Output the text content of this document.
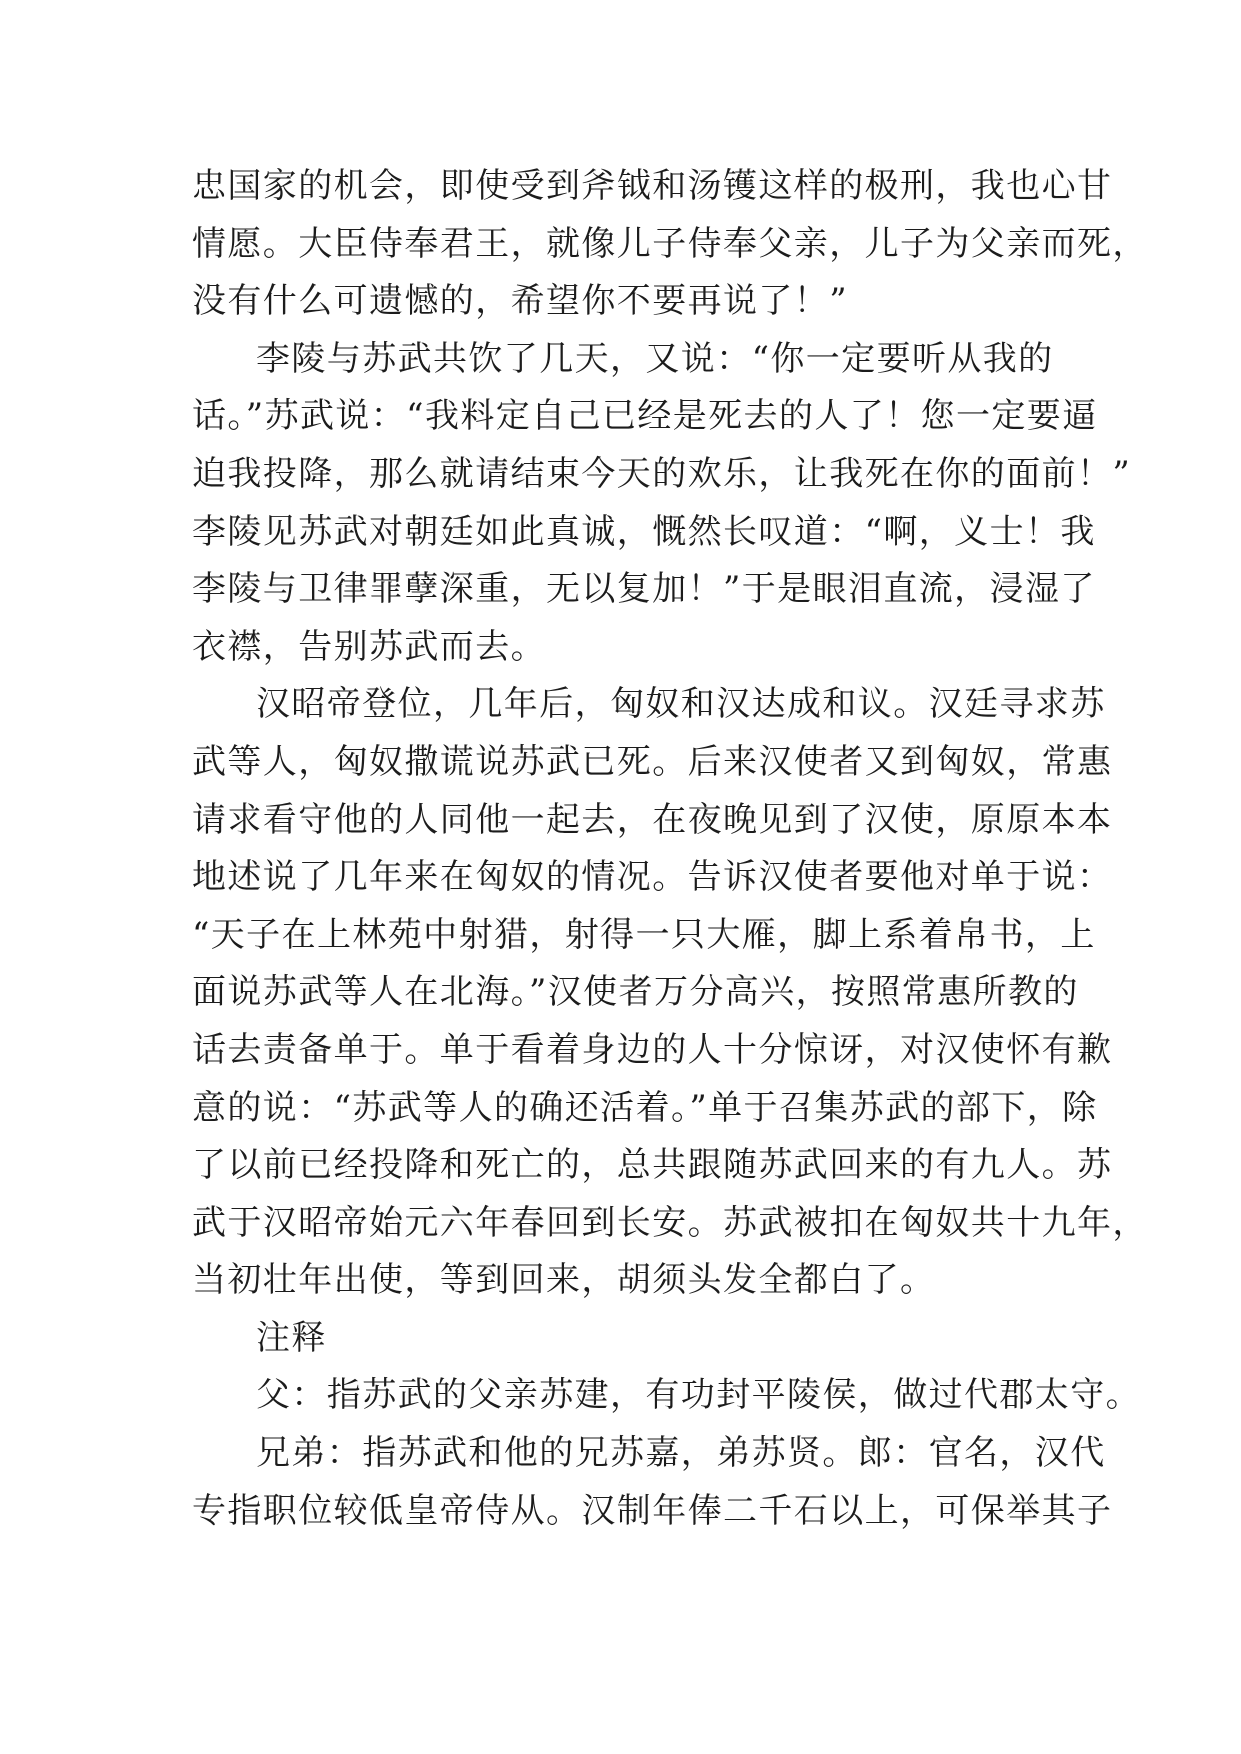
忠国家的机会，即使受到斧钺和汤镬这样的极刑，我也心甘
情愿。大臣侍奉君王，就像儿子侍奉父亲，儿子为父亲而死，
没有什么可遗憾的，希望你不要再说了！”
李陵与苏武共饮了几天，又说：“你一定要听从我的
话。”苏武说：“我料定自己已经是死去的人了！您一定要逼
迫我投降，那么就请结束今天的欢乐，让我死在你的面前！”
李陵见苏武对朝廷如此真诚，慨然长叹道：“啊，义士！我
李陵与卫律罪孽深重，无以复加！”于是眼泪直流，浸湿了
衣襟，告别苏武而去。
汉昭帝登位，几年后，匈奴和汉达成和议。汉廷寻求苏
武等人，匈奴撒谎说苏武已死。后来汉使者又到匈奴，常惠
请求看守他的人同他一起去，在夜晚见到了汉使，原原本本
地述说了几年来在匈奴的情况。告诉汉使者要他对单于说：
“天子在上林苑中射猎，射得一只大雁，脚上系着帛书，上
面说苏武等人在北海。”汉使者万分高兴，按照常惠所教的
话去责备单于。单于看着身边的人十分惊讶，对汉使怀有歉
意的说：“苏武等人的确还活着。”单于召集苏武的部下，除
了以前已经投降和死亡的，总共跟随苏武回来的有九人。苏
武于汉昭帝始元六年春回到长安。苏武被扣在匈奴共十九年，
当初壮年出使，等到回来，胡须头发全都白了。
注释
父：指苏武的父亲苏建，有功封平陵侯，做过代郡太守。
兄弟：指苏武和他的兄苏嘉，弟苏贤。郎：官名，汉代
专指职位较低皇帝侍从。汉制年俸二千石以上，可保举其子
